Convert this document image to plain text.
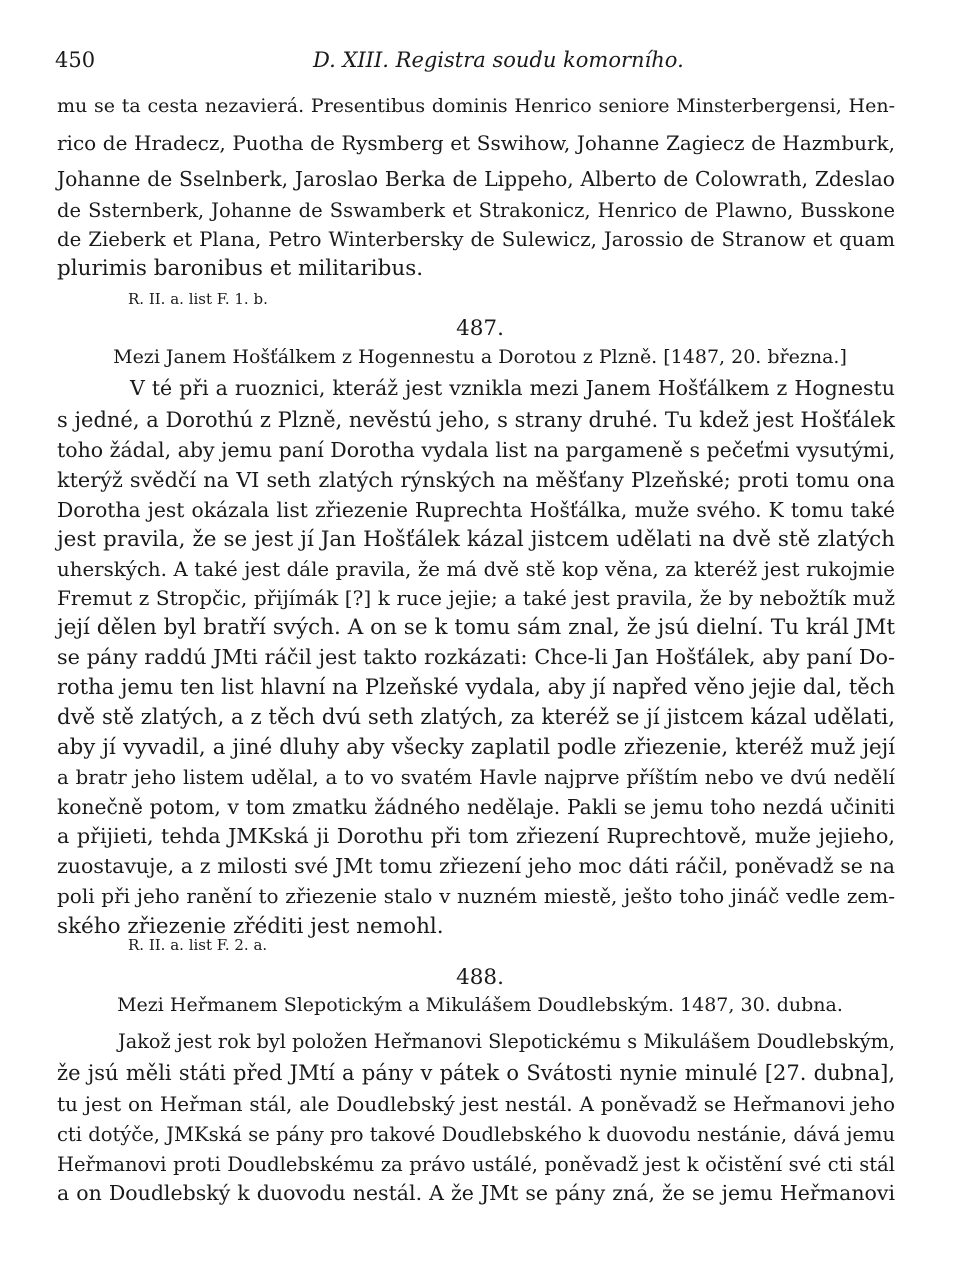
450	D. XIII. Registra soudu komorního.
mu se ta cesta nezavierá. Presentibus dominis Henrico seniore Minsterbergensi, Hen-
rico de Hradecz, Puotha de Rysmberg et Sswihow, Johanne Zagiecz de Hazmburk,
Johanne de Sselnberk, Jaroslao Berka de Lippeho, Alberto de Colowrath, Zdeslao
de Ssternberk, Johanne de Sswamberk et Strakonicz, Henrico de Plawno, Busskone
de Zieberk et Plana, Petro Winterbersky de Sulewicz, Jarossio de Stranow et quam
plurimis baronibus et militaribus.
R. II. a. list F. 1. b.
487.
Mezi Janem Hošťálkem z Hogennestu a Dorotou z Plzně. [1487, 20. března.]
V té při a ruoznici, kteráž jest vznikla mezi Janem Hošťálkem z Hognestu
s jedné, a Dorothú z Plzně, nevěstú jeho, s strany druhé. Tu kdež jest Hošťálek
toho žádal, aby jemu paní Dorotha vydala list na pargameně s pečeťmi vysutými,
kterýž svědčí na VI seth zlatých rýnských na měšťany Plzeňské; proti tomu ona
Dorotha jest okázala list zřiezenie Ruprechta Hošťálka, muže svého. K tomu také
jest pravila, že se jest jí Jan Hošťálek kázal jistcem udělati na dvě stě zlatých
uherských. A také jest dále pravila, že má dvě stě kop věna, za kteréž jest rukojmie
Fremut z Stropčic, přijímák [?] k ruce jejie; a také jest pravila, že by nebožtík muž
její dělen byl bratří svých. A on se k tomu sám znal, že jsú dielní. Tu král JMt
se pány raddú JMti ráčil jest takto rozkázati: Chce-li Jan Hošťálek, aby paní Do-
rotha jemu ten list hlavní na Plzeňské vydala, aby jí napřed věno jejie dal, těch
dvě stě zlatých, a z těch dvú seth zlatých, za kteréž se jí jistcem kázal udělati,
aby jí vyvadil, a jiné dluhy aby všecky zaplatil podle zřiezenie, kteréž muž její
a bratr jeho listem udělal, a to vo svatém Havle najprve příštím nebo ve dvú nedělí
konečně potom, v tom zmatku žádného nedělaje. Pakli se jemu toho nezdá učiniti
a přijieti, tehda JMKská ji Dorothu při tom zřiezení Ruprechtově, muže jejieho,
zuostavuje, a z milosti své JMt tomu zřiezení jeho moc dáti ráčil, poněvadž se na
poli při jeho ranění to zřiezenie stalo v nuzném miestě, ješto toho jináč vedle zem-
ského zřiezenie zřéditi jest nemohl.
R. II. a. list F. 2. a.
488.
Mezi Heřmanem Slepotickým a Mikulášem Doudlebským. 1487, 30. dubna.
Jakož jest rok byl položen Heřmanovi Slepotickému s Mikulášem Doudlebským,
že jsú měli státi před JMtí a pány v pátek o Svátosti nynie minulé [27. dubna],
tu jest on Heřman stál, ale Doudlebský jest nestál. A poněvadž se Heřmanovi jeho
cti dotýče, JMKská se pány pro takové Doudlebského k duovodu nestánie, dává jemu
Heřmanovi proti Doudlebskému za právo ustálé, poněvadž jest k očistění své cti stál
a on Doudlebský k duovodu nestál. A že JMt se pány zná, že se jemu Heřmanovi
